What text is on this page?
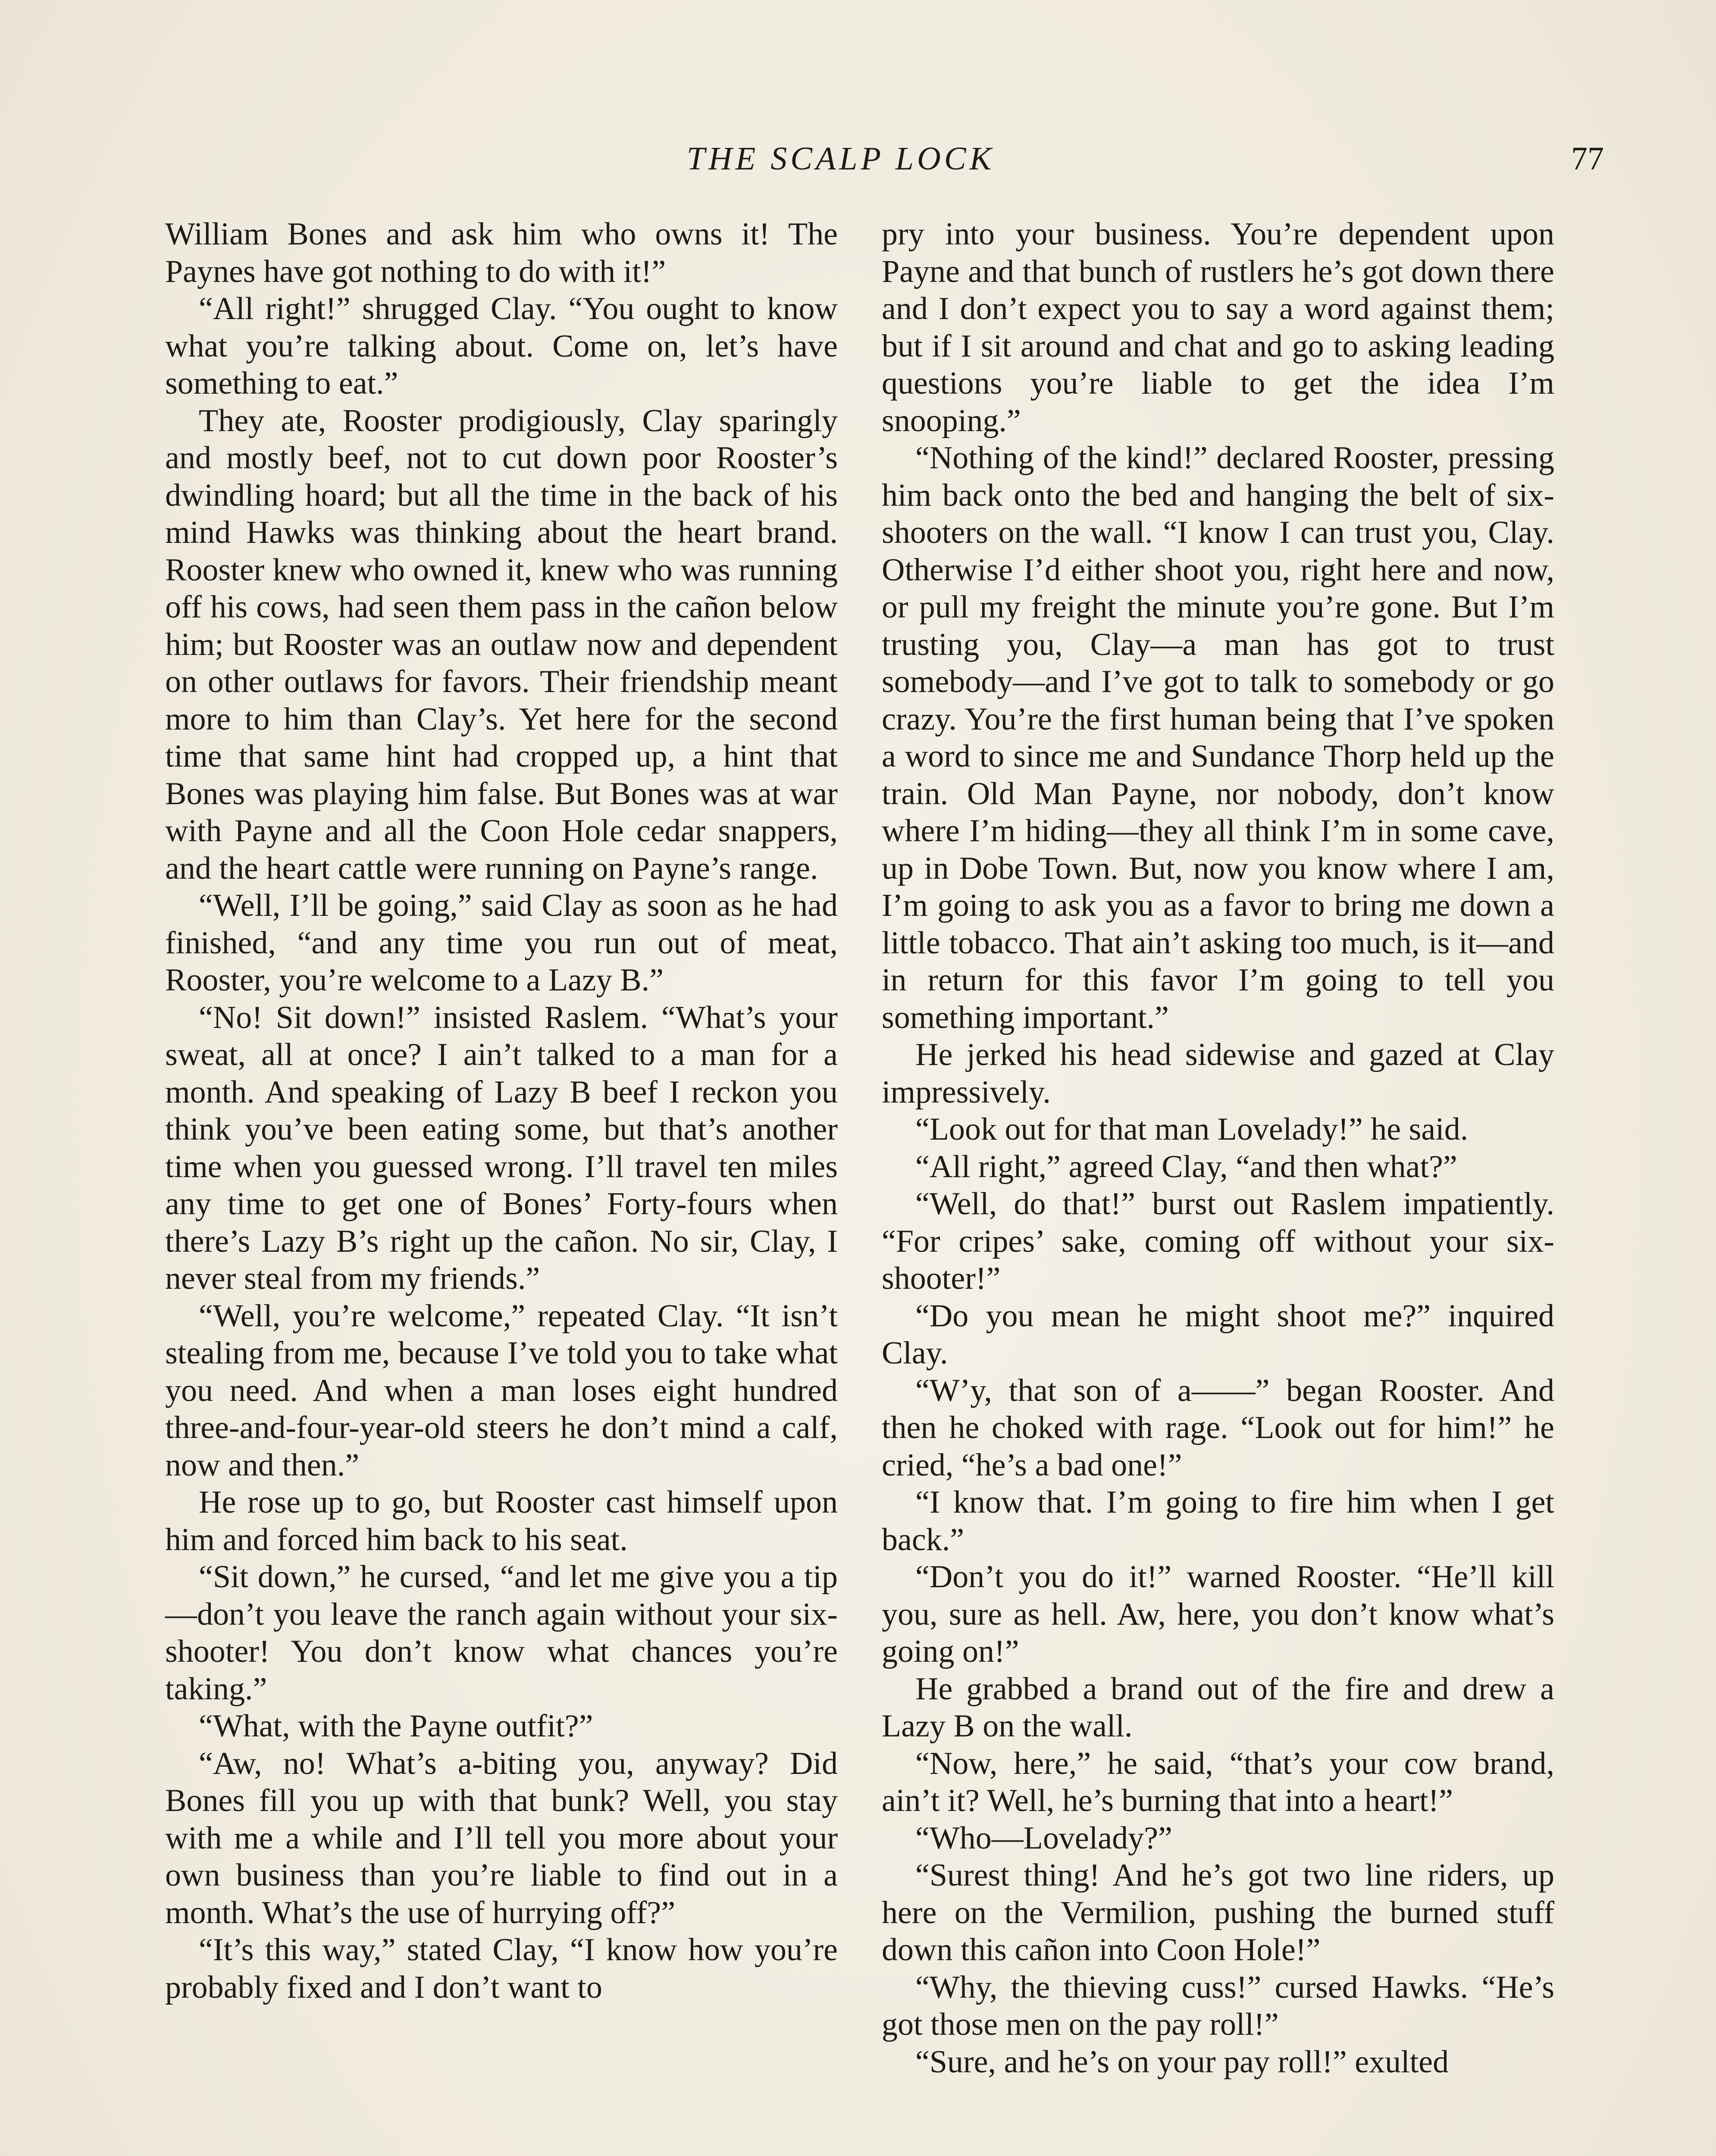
THE SCALP LOCK	77

William Bones and ask him who owns it! The Paynes have got nothing to do with it!”

“All right!” shrugged Clay. “You ought to know what you’re talking about. Come on, let’s have something to eat.”

They ate, Rooster prodigiously, Clay sparingly and mostly beef, not to cut down poor Rooster’s dwindling hoard; but all the time in the back of his mind Hawks was thinking about the heart brand. Rooster knew who owned it, knew who was running off his cows, had seen them pass in the cañon below him; but Rooster was an outlaw now and dependent on other outlaws for favors. Their friendship meant more to him than Clay’s. Yet here for the second time that same hint had cropped up, a hint that Bones was playing him false. But Bones was at war with Payne and all the Coon Hole cedar snappers, and the heart cattle were running on Payne’s range.

“Well, I’ll be going,” said Clay as soon as he had finished, “and any time you run out of meat, Rooster, you’re welcome to a Lazy B.”

“No! Sit down!” insisted Raslem. “What’s your sweat, all at once? I ain’t talked to a man for a month. And speaking of Lazy B beef I reckon you think you’ve been eating some, but that’s another time when you guessed wrong. I’ll travel ten miles any time to get one of Bones’ Forty-fours when there’s Lazy B’s right up the cañon. No sir, Clay, I never steal from my friends.”

“Well, you’re welcome,” repeated Clay. “It isn’t stealing from me, because I’ve told you to take what you need. And when a man loses eight hundred three-and-four-year-old steers he don’t mind a calf, now and then.”

He rose up to go, but Rooster cast himself upon him and forced him back to his seat.

“Sit down,” he cursed, “and let me give you a tip—don’t you leave the ranch again without your six-shooter! You don’t know what chances you’re taking.”

“What, with the Payne outfit?”

“Aw, no! What’s a-biting you, anyway? Did Bones fill you up with that bunk? Well, you stay with me a while and I’ll tell you more about your own business than you’re liable to find out in a month. What’s the use of hurrying off?”

“It’s this way,” stated Clay, “I know how you’re probably fixed and I don’t want to

pry into your business. You’re dependent upon Payne and that bunch of rustlers he’s got down there and I don’t expect you to say a word against them; but if I sit around and chat and go to asking leading questions you’re liable to get the idea I’m snooping.”

“Nothing of the kind!” declared Rooster, pressing him back onto the bed and hanging the belt of six-shooters on the wall. “I know I can trust you, Clay. Otherwise I’d either shoot you, right here and now, or pull my freight the minute you’re gone. But I’m trusting you, Clay—a man has got to trust somebody—and I’ve got to talk to somebody or go crazy. You’re the first human being that I’ve spoken a word to since me and Sundance Thorp held up the train. Old Man Payne, nor nobody, don’t know where I’m hiding—they all think I’m in some cave, up in Dobe Town. But, now you know where I am, I’m going to ask you as a favor to bring me down a little tobacco. That ain’t asking too much, is it—and in return for this favor I’m going to tell you something important.”

He jerked his head sidewise and gazed at Clay impressively.

“Look out for that man Lovelady!” he said.

“All right,” agreed Clay, “and then what?”

“Well, do that!” burst out Raslem impatiently. “For cripes’ sake, coming off without your six-shooter!”

“Do you mean he might shoot me?” inquired Clay.

“W’y, that son of a——” began Rooster. And then he choked with rage. “Look out for him!” he cried, “he’s a bad one!”

“I know that. I’m going to fire him when I get back.”

“Don’t you do it!” warned Rooster. “He’ll kill you, sure as hell. Aw, here, you don’t know what’s going on!”

He grabbed a brand out of the fire and drew a Lazy B on the wall.

“Now, here,” he said, “that’s your cow brand, ain’t it? Well, he’s burning that into a heart!”

“Who—Lovelady?”

“Surest thing! And he’s got two line riders, up here on the Vermilion, pushing the burned stuff down this cañon into Coon Hole!”

“Why, the thieving cuss!” cursed Hawks. “He’s got those men on the pay roll!”

“Sure, and he’s on your pay roll!” exulted
